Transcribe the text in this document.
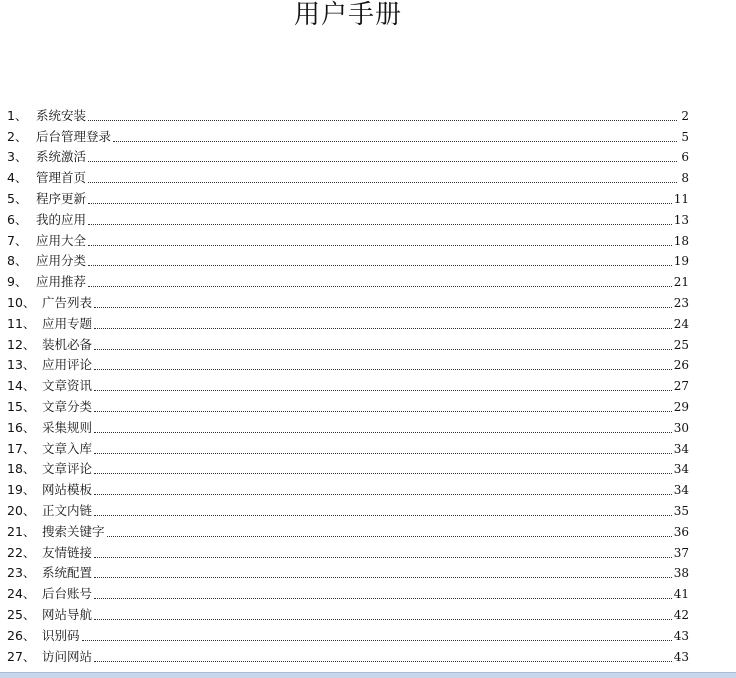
用户手册
1、 系统安装	2
2、 后台管理登录	5
3、 系统激活	6
4、 管理首页	8
5、 程序更新	11
6、 我的应用	13
7、 应用大全	18
8、 应用分类	19
9、 应用推荐	21
10、 广告列表	23
11、 应用专题	24
12、 装机必备	25
13、 应用评论	26
14、 文章资讯	27
15、 文章分类	29
16、 采集规则	30
17、 文章入库	34
18、 文章评论	34
19、 网站模板	34
20、 正文内链	35
21、 搜索关键字	36
22、 友情链接	37
23、 系统配置	38
24、 后台账号	41
25、 网站导航	42
26、 识别码	43
27、 访问网站	43
